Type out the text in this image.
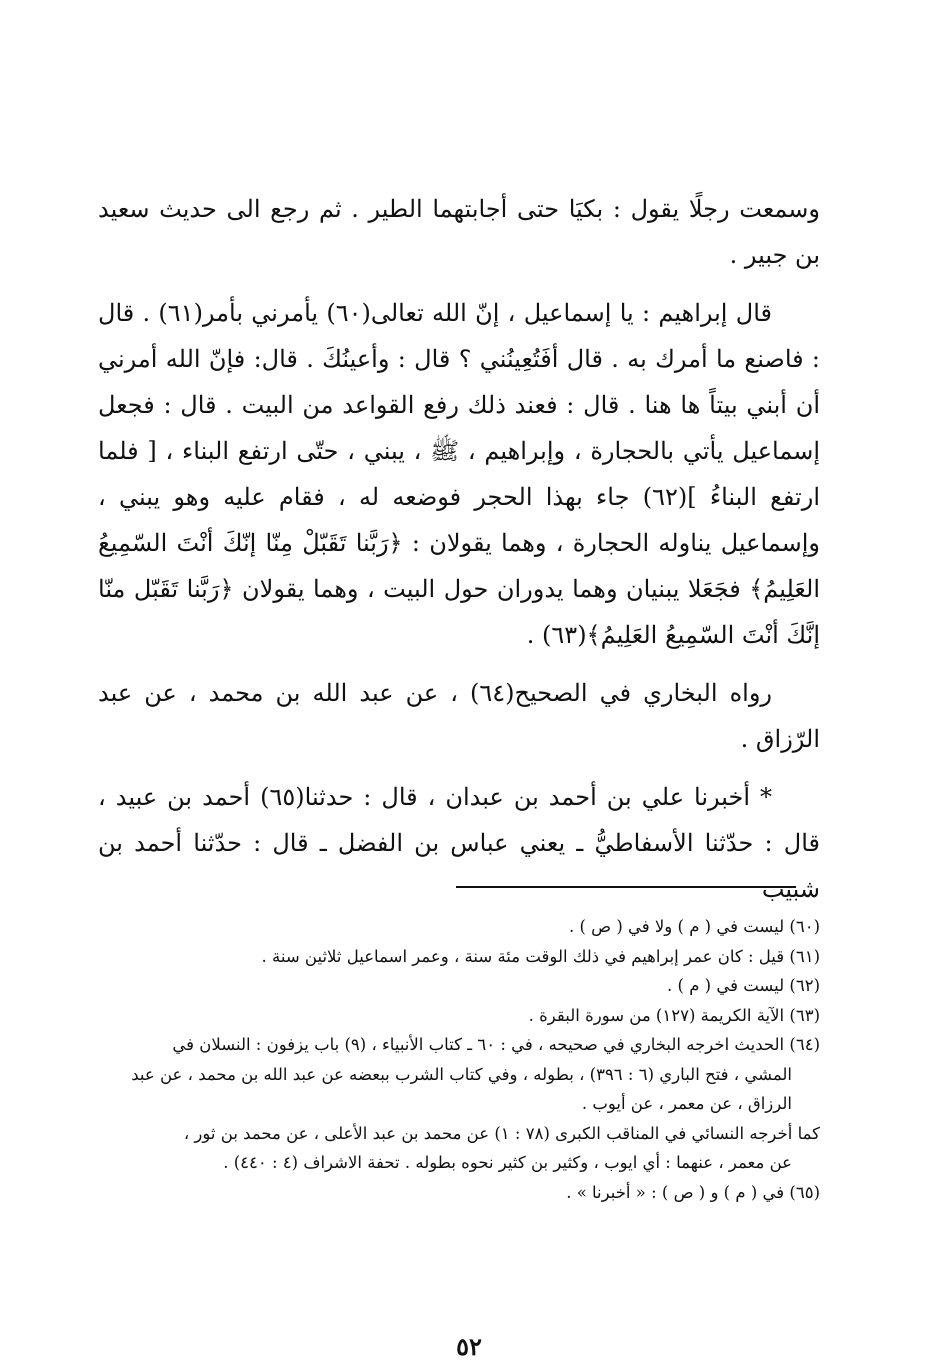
وسمعت رجلًا يقول : بكيَا حتى أجابتهما الطير . ثم رجع الى حديث سعيد بن جبير .

قال إبراهيم : يا إسماعيل ، إنّ الله تعالى(٦٠) يأمرني بأمر(٦١) . قال : فاصنع ما أمرك به . قال أفَتُعِينُني ؟ قال : وأعينُكَ . قال: فإنّ الله أمرني أن أبني بيتاً ها هنا . قال : فعند ذلك رفع القواعد من البيت . قال : فجعل إسماعيل يأتي بالحجارة ، وإبراهيم ، ﷺ ، يبني ، حتّى ارتفع البناء ، [ فلما ارتفع البناءُ ](٦٢) جاء بهذا الحجر فوضعه له ، فقام عليه وهو يبني ، وإسماعيل يناوله الحجارة ، وهما يقولان : ﴿رَبَّنا تَقَبّلْ مِنّا إنّكَ أنْتَ السّمِيعُ العَلِيمُ﴾ فجَعَلا يبنيان وهما يدوران حول البيت ، وهما يقولان ﴿رَبَّنا تَقَبّل منّا إنَّكَ أنْتَ السّمِيعُ العَلِيمُ﴾(٦٣) .

رواه البخاري في الصحيح(٦٤) ، عن عبد الله بن محمد ، عن عبد الرّزاق .

* أخبرنا علي بن أحمد بن عبدان ، قال : حدثنا(٦٥) أحمد بن عبيد ، قال : حدّثنا الأسفاطيُّ ـ يعني عباس بن الفضل ـ قال : حدّثنا أحمد بن شبيب

(٦٠) ليست في ( م ) ولا في ( ص ) .

(٦١) قيل : كان عمر إبراهيم في ذلك الوقت مئة سنة ، وعمر اسماعيل ثلاثين سنة .

(٦٢) ليست في ( م ) .

(٦٣) الآية الكريمة (١٢٧) من سورة البقرة .

(٦٤) الحديث اخرجه البخاري في صحيحه ، في : ٦٠ ـ كتاب الأنبياء ، (٩) باب يزفون : النسلان في

المشي ، فتح الباري (٦ : ٣٩٦) ، بطوله ، وفي كتاب الشرب ببعضه عن عبد الله بن محمد ، عن عبد

الرزاق ، عن معمر ، عن أيوب .

كما أخرجه النسائي في المناقب الكبرى (٧٨ : ١) عن محمد بن عبد الأعلى ، عن محمد بن ثور ،

عن معمر ، عنهما : أي ايوب ، وكثير بن كثير نحوه بطوله . تحفة الاشراف (٤ : ٤٤٠) .

(٦٥) في ( م ) و ( ص ) : « أخبرنا » .

٥٢
